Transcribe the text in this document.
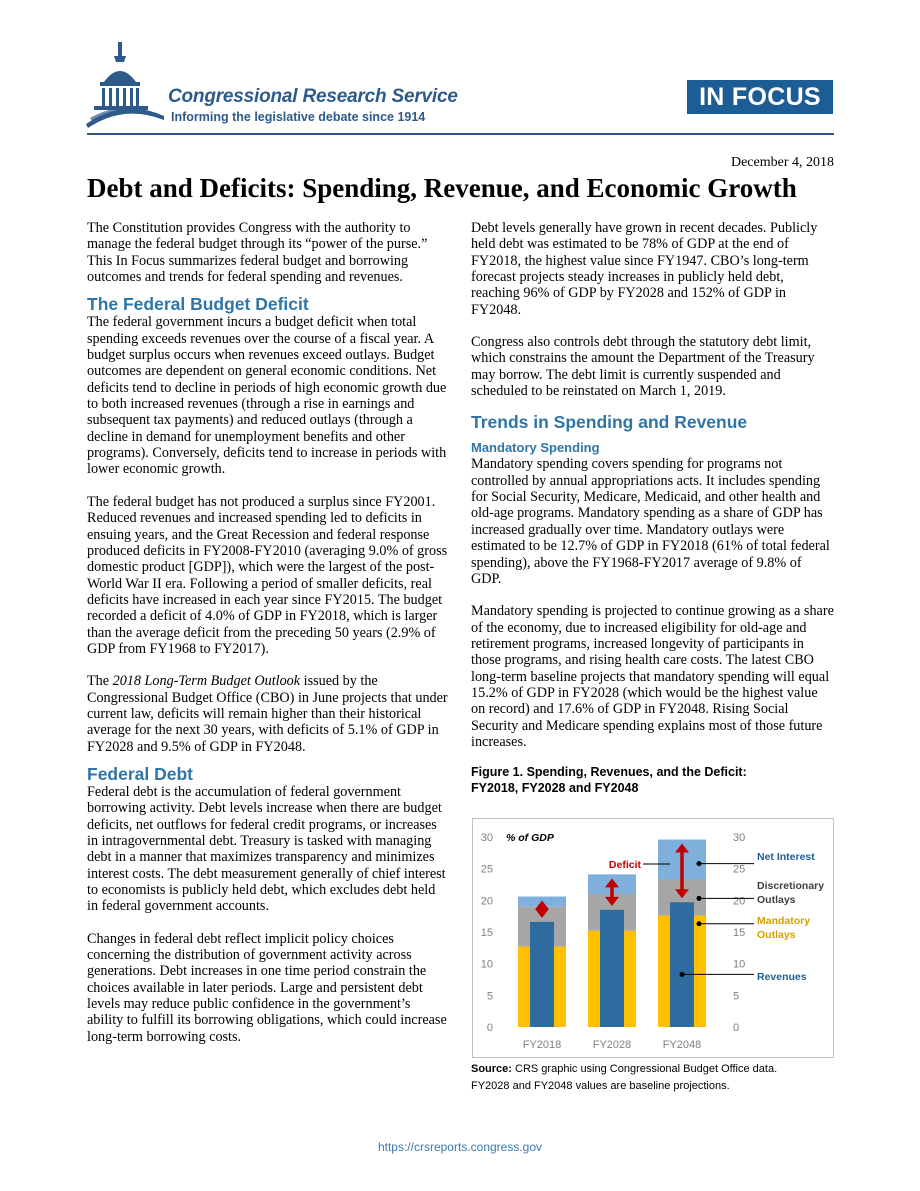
Congressional Research Service
Informing the legislative debate since 1914
IN FOCUS
December 4, 2018
Debt and Deficits: Spending, Revenue, and Economic Growth

The Constitution provides Congress with the authority to manage the federal budget through its “power of the purse.” This In Focus summarizes federal budget and borrowing outcomes and trends for federal spending and revenues.

The Federal Budget Deficit

The federal government incurs a budget deficit when total spending exceeds revenues over the course of a fiscal year. A budget surplus occurs when revenues exceed outlays. Budget outcomes are dependent on general economic conditions. Net deficits tend to decline in periods of high economic growth due to both increased revenues (through a rise in earnings and subsequent tax payments) and reduced outlays (through a decline in demand for unemployment benefits and other programs). Conversely, deficits tend to increase in periods with lower economic growth.

The federal budget has not produced a surplus since FY2001. Reduced revenues and increased spending led to deficits in ensuing years, and the Great Recession and federal response produced deficits in FY2008-FY2010 (averaging 9.0% of gross domestic product [GDP]), which were the largest of the post-World War II era. Following a period of smaller deficits, real deficits have increased in each year since FY2015. The budget recorded a deficit of 4.0% of GDP in FY2018, which is larger than the average deficit from the preceding 50 years (2.9% of GDP from FY1968 to FY2017).

The 2018 Long-Term Budget Outlook issued by the Congressional Budget Office (CBO) in June projects that under current law, deficits will remain higher than their historical average for the next 30 years, with deficits of 5.1% of GDP in FY2028 and 9.5% of GDP in FY2048.

Federal Debt

Federal debt is the accumulation of federal government borrowing activity. Debt levels increase when there are budget deficits, net outflows for federal credit programs, or increases in intragovernmental debt. Treasury is tasked with managing debt in a manner that maximizes transparency and minimizes interest costs. The debt measurement generally of chief interest to economists is publicly held debt, which excludes debt held in federal government accounts.

Changes in federal debt reflect implicit policy choices concerning the distribution of government activity across generations. Debt increases in one time period constrain the choices available in later periods. Large and persistent debt levels may reduce public confidence in the government’s ability to fulfill its borrowing obligations, which could increase long-term borrowing costs.

Debt levels generally have grown in recent decades. Publicly held debt was estimated to be 78% of GDP at the end of FY2018, the highest value since FY1947. CBO’s long-term forecast projects steady increases in publicly held debt, reaching 96% of GDP by FY2028 and 152% of GDP in FY2048.

Congress also controls debt through the statutory debt limit, which constrains the amount the Department of the Treasury may borrow. The debt limit is currently suspended and scheduled to be reinstated on March 1, 2019.

Trends in Spending and Revenue
Mandatory Spending

Mandatory spending covers spending for programs not controlled by annual appropriations acts. It includes spending for Social Security, Medicare, Medicaid, and other health and old-age programs. Mandatory spending as a share of GDP has increased gradually over time. Mandatory outlays were estimated to be 12.7% of GDP in FY2018 (61% of total federal spending), above the FY1968-FY2017 average of 9.8% of GDP.

Mandatory spending is projected to continue growing as a share of the economy, due to increased eligibility for old-age and retirement programs, increased longevity of participants in those programs, and rising health care costs. The latest CBO long-term baseline projects that mandatory spending will equal 15.2% of GDP in FY2028 (which would be the highest value on record) and 17.6% of GDP in FY2048. Rising Social Security and Medicare spending explains most of those future increases.

Figure 1. Spending, Revenues, and the Deficit:
FY2018, FY2028 and FY2048
0	0
5	5
10	10
15	15
20	20
25	25
30	30
% of GDP
FY2018	FY2028	FY2048
Deficit
Net Interest
Discretionary
Outlays
Mandatory
Outlays
Revenues
Source: CRS graphic using Congressional Budget Office data.
FY2028 and FY2048 values are baseline projections.
https://crsreports.congress.gov
